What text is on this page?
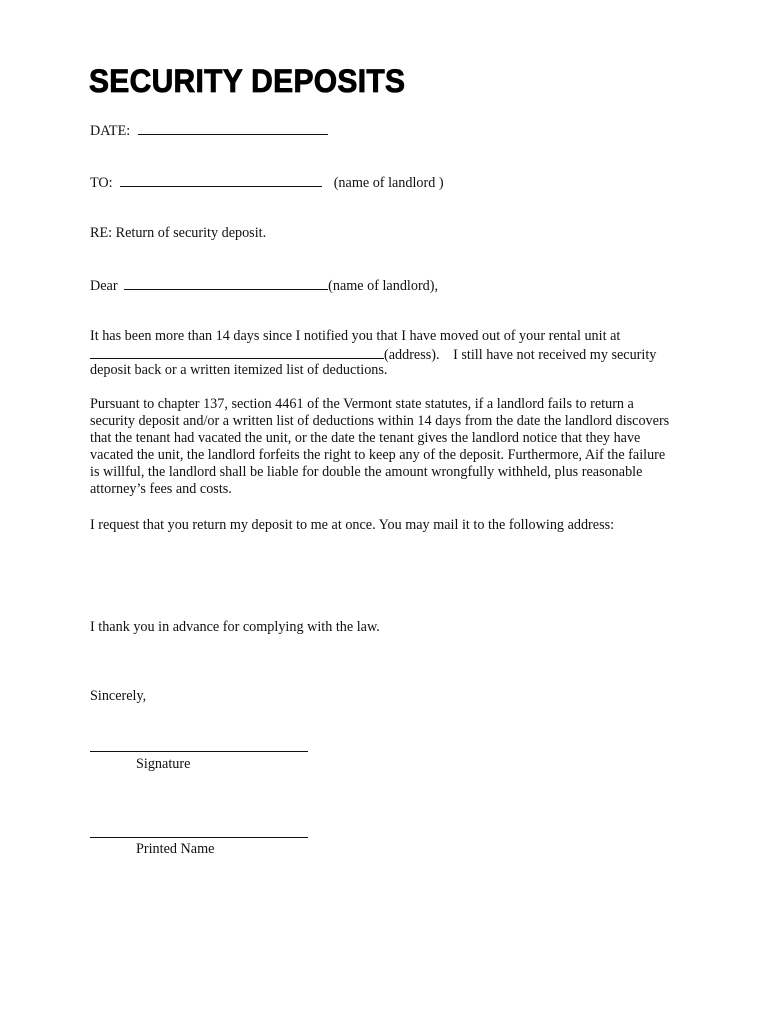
SECURITY DEPOSITS
DATE:
TO:	(name of landlord )
RE: Return of security deposit.
Dear	(name of landlord),
It has been more than 14 days since I notified you that I have moved out of your rental unit at
(address). I still have not received my security
deposit back or a written itemized list of deductions.
Pursuant to chapter 137, section 4461 of the Vermont state statutes, if a landlord fails to return a security deposit and/or a written list of deductions within 14 days from the date the landlord discovers that the tenant had vacated the unit, or the date the tenant gives the landlord notice that they have vacated the unit, the landlord forfeits the right to keep any of the deposit. Furthermore, Aif the failure is willful, the landlord shall be liable for double the amount wrongfully withheld, plus reasonable attorney’s fees and costs.
I request that you return my deposit to me at once. You may mail it to the following address:
I thank you in advance for complying with the law.
Sincerely,
Signature
Printed Name
